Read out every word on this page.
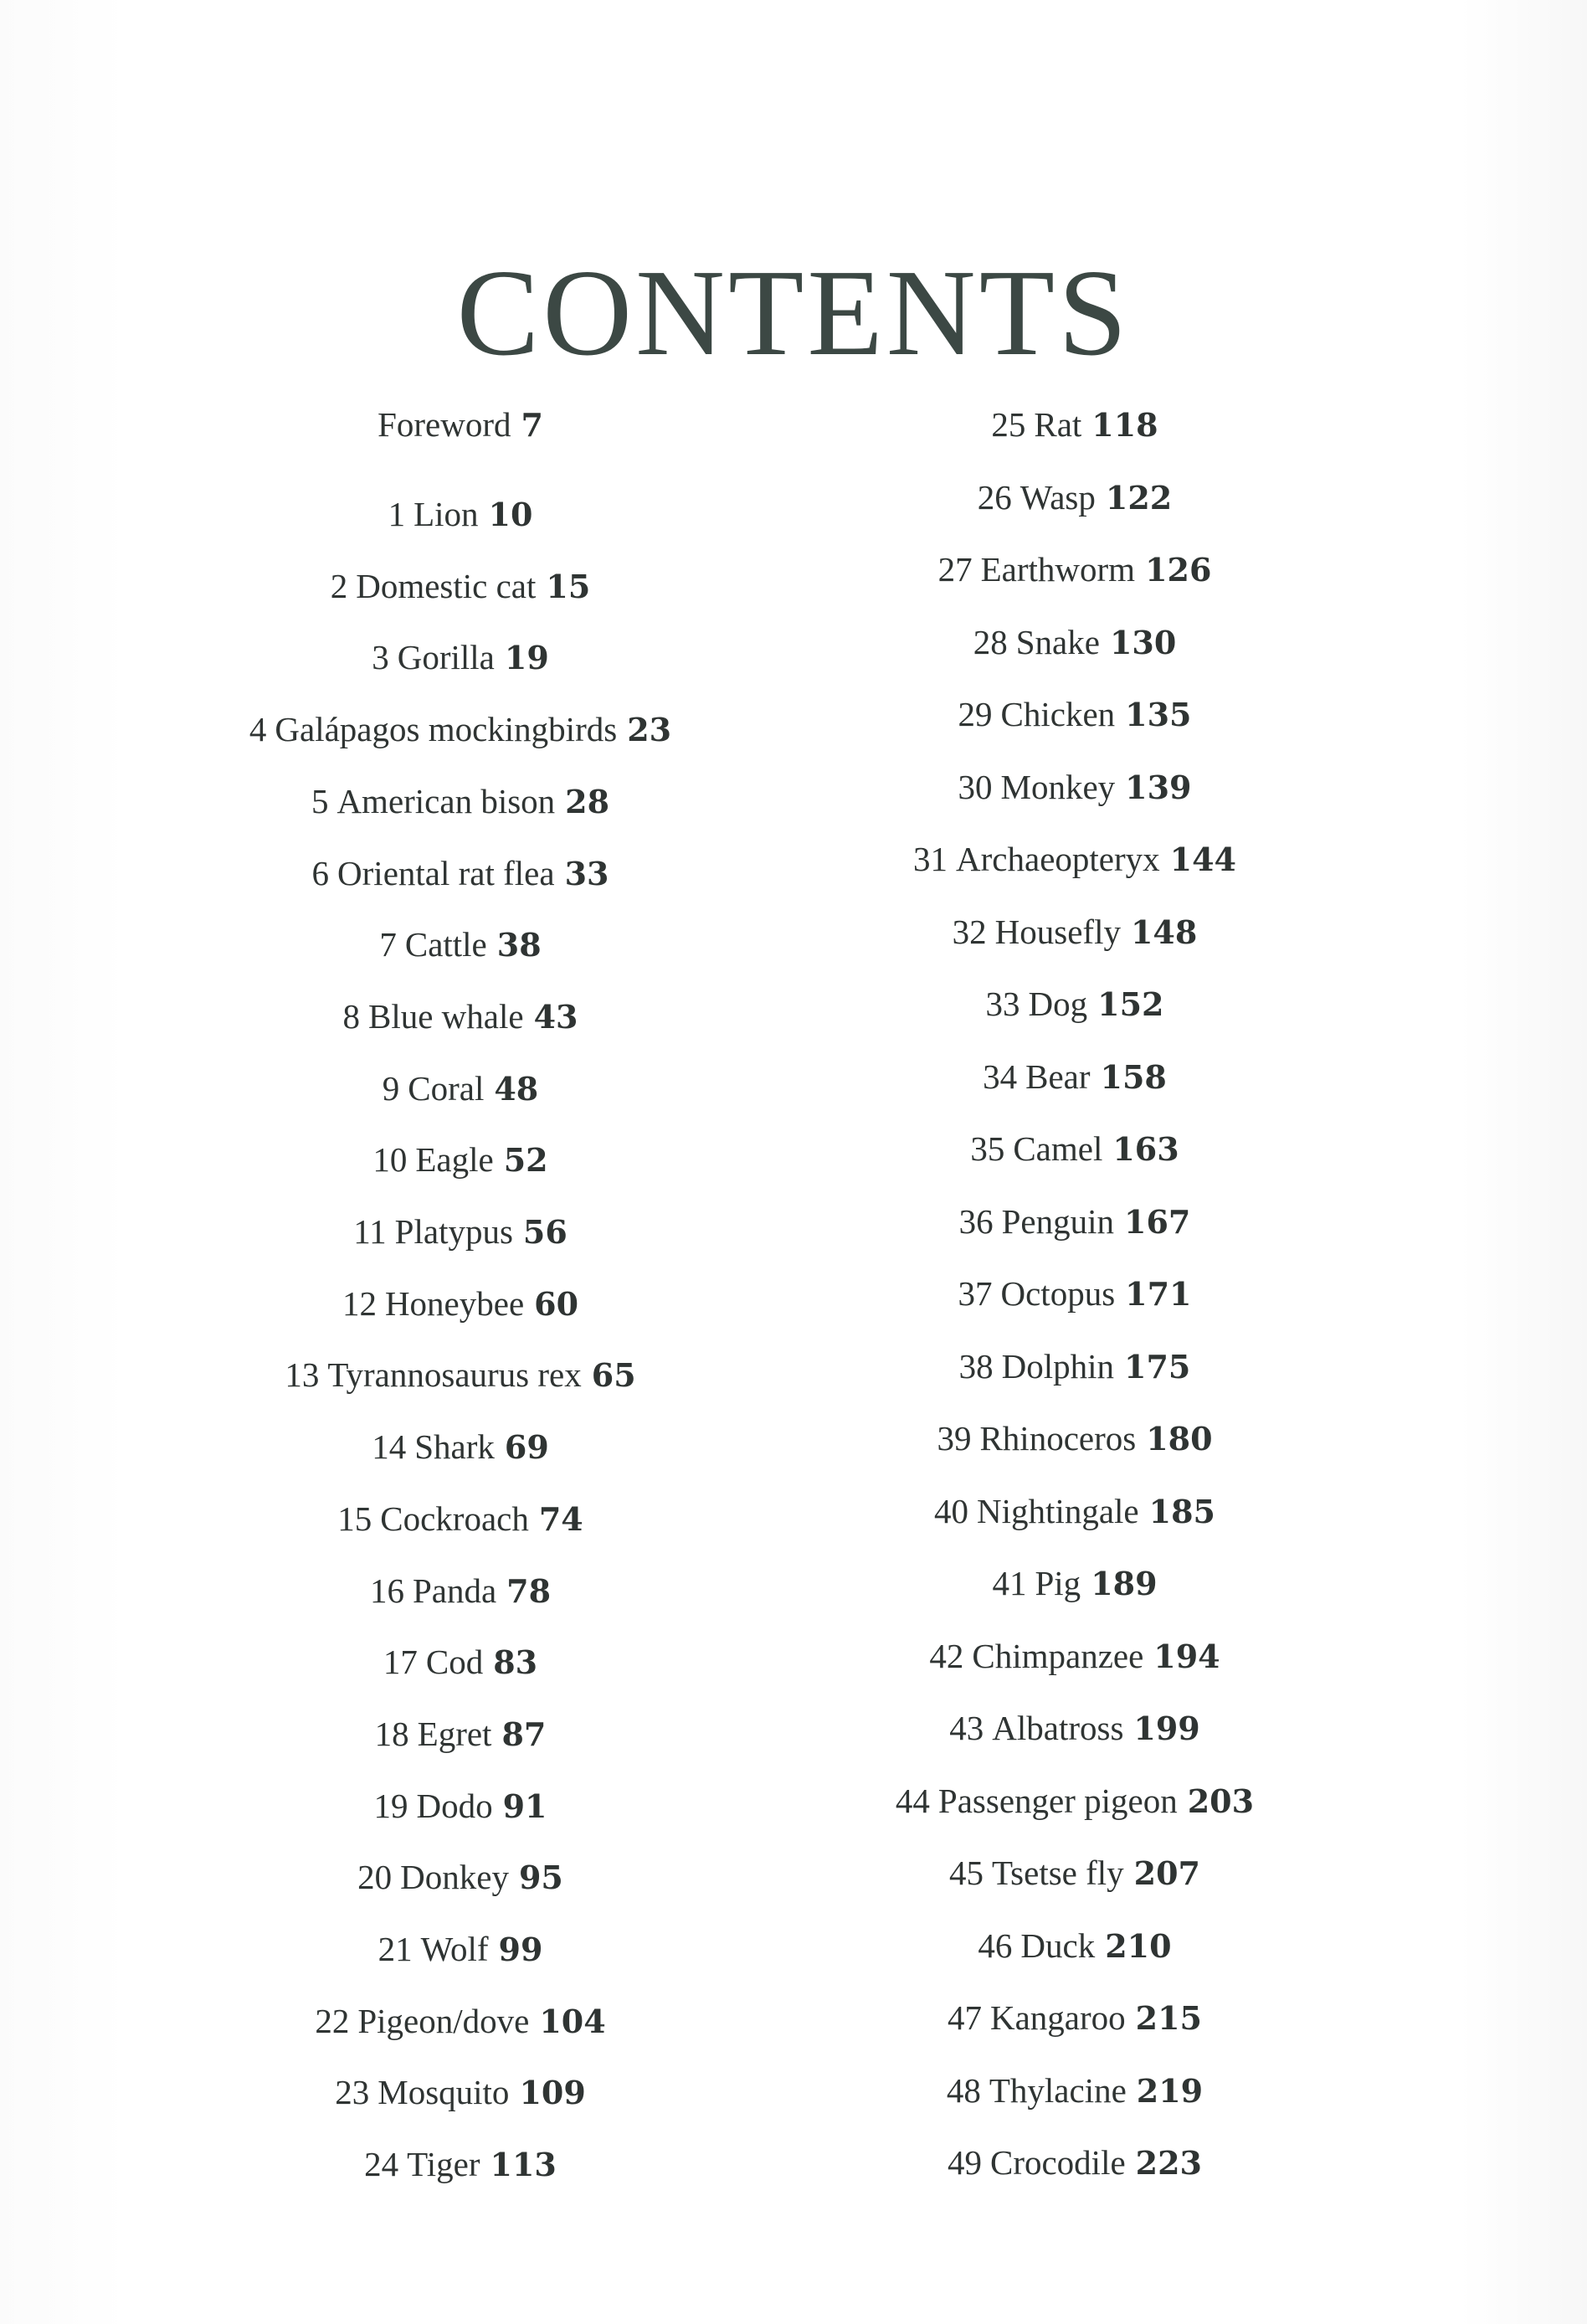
CONTENTS
Foreword 7
1 Lion 10
2 Domestic cat 15
3 Gorilla 19
4 Galápagos mockingbirds 23
5 American bison 28
6 Oriental rat flea 33
7 Cattle 38
8 Blue whale 43
9 Coral 48
10 Eagle 52
11 Platypus 56
12 Honeybee 60
13 Tyrannosaurus rex 65
14 Shark 69
15 Cockroach 74
16 Panda 78
17 Cod 83
18 Egret 87
19 Dodo 91
20 Donkey 95
21 Wolf 99
22 Pigeon/dove 104
23 Mosquito 109
24 Tiger 113
25 Rat 118
26 Wasp 122
27 Earthworm 126
28 Snake 130
29 Chicken 135
30 Monkey 139
31 Archaeopteryx 144
32 Housefly 148
33 Dog 152
34 Bear 158
35 Camel 163
36 Penguin 167
37 Octopus 171
38 Dolphin 175
39 Rhinoceros 180
40 Nightingale 185
41 Pig 189
42 Chimpanzee 194
43 Albatross 199
44 Passenger pigeon 203
45 Tsetse fly 207
46 Duck 210
47 Kangaroo 215
48 Thylacine 219
49 Crocodile 223
